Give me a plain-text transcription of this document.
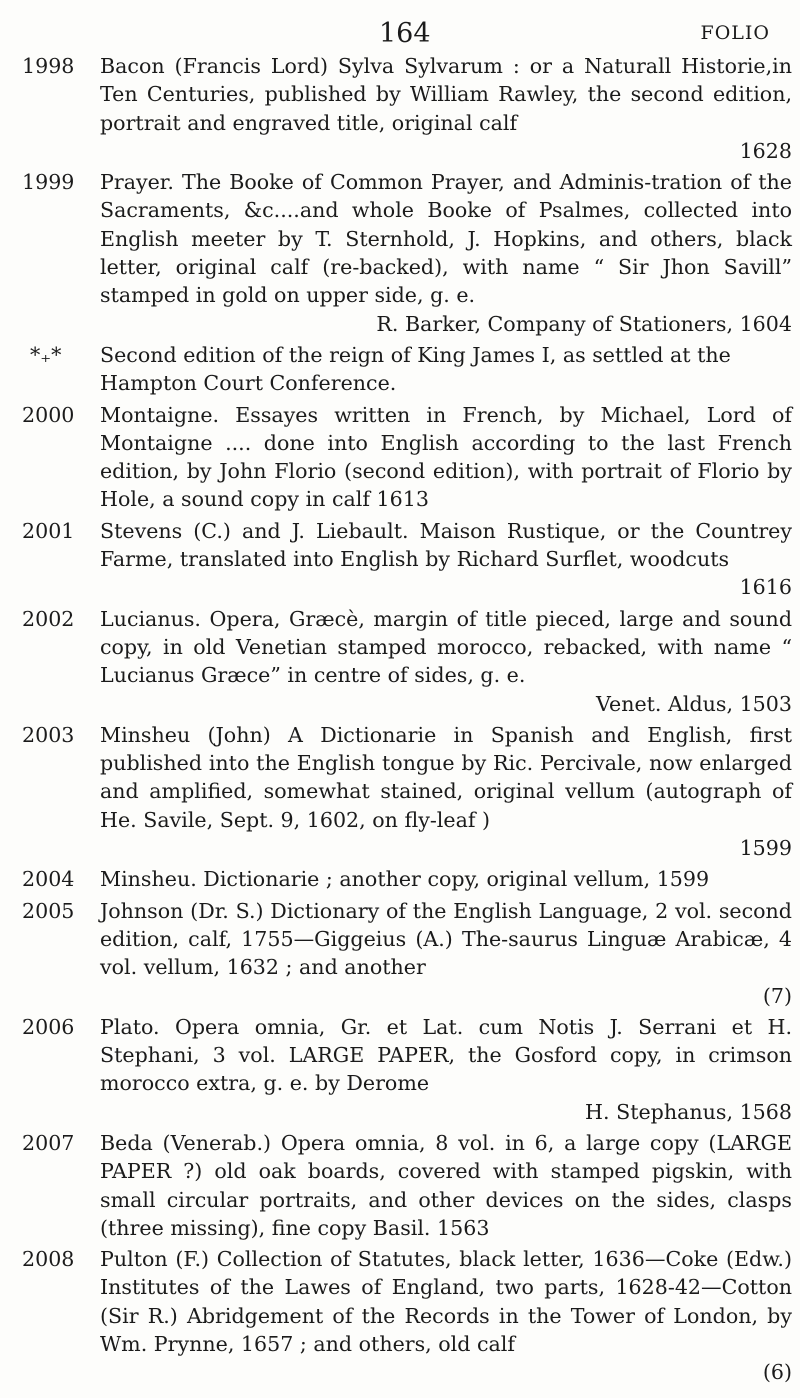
164	FOLIO
1998 Bacon (Francis Lord) Sylva Sylvarum : or a Naturall Historie,in Ten Centuries, published by William Rawley, the second edition, portrait and engraved title, original calf
1628
1999 Prayer. The Booke of Common Prayer, and Adminis-tration of the Sacraments, &c....and whole Booke of Psalmes, collected into English meeter by T. Sternhold, J. Hopkins, and others, black letter, original calf (re-backed), with name “ Sir Jhon Savill” stamped in gold on upper side, g. e.
R. Barker, Company of Stationers, 1604
*₊* Second edition of the reign of King James I, as settled at the Hampton Court Conference.
2000 Montaigne. Essayes written in French, by Michael, Lord of Montaigne .... done into English according to the last French edition, by John Florio (second edition), with portrait of Florio by Hole, a sound copy in calf 1613
2001 Stevens (C.) and J. Liebault. Maison Rustique, or the Countrey Farme, translated into English by Richard Surflet, woodcuts
1616
2002 Lucianus. Opera, Græcè, margin of title pieced, large and sound copy, in old Venetian stamped morocco, rebacked, with name “ Lucianus Græce” in centre of sides, g. e.
Venet. Aldus, 1503
2003 Minsheu (John) A Dictionarie in Spanish and English, first published into the English tongue by Ric. Percivale, now enlarged and amplified, somewhat stained, original vellum (autograph of He. Savile, Sept. 9, 1602, on fly-leaf )
1599
2004 Minsheu. Dictionarie ; another copy, original vellum, 1599
2005 Johnson (Dr. S.) Dictionary of the English Language, 2 vol. second edition, calf, 1755—Giggeius (A.) The-saurus Linguæ Arabicæ, 4 vol. vellum, 1632 ; and another
(7)
2006 Plato. Opera omnia, Gr. et Lat. cum Notis J. Serrani et H. Stephani, 3 vol. LARGE PAPER, the Gosford copy, in crimson morocco extra, g. e. by Derome
H. Stephanus, 1568
2007 Beda (Venerab.) Opera omnia, 8 vol. in 6, a large copy (LARGE PAPER ?) old oak boards, covered with stamped pigskin, with small circular portraits, and other devices on the sides, clasps (three missing), fine copy Basil. 1563
2008 Pulton (F.) Collection of Statutes, black letter, 1636—Coke (Edw.) Institutes of the Lawes of England, two parts, 1628-42—Cotton (Sir R.) Abridgement of the Records in the Tower of London, by Wm. Prynne, 1657 ; and others, old calf
(6)
